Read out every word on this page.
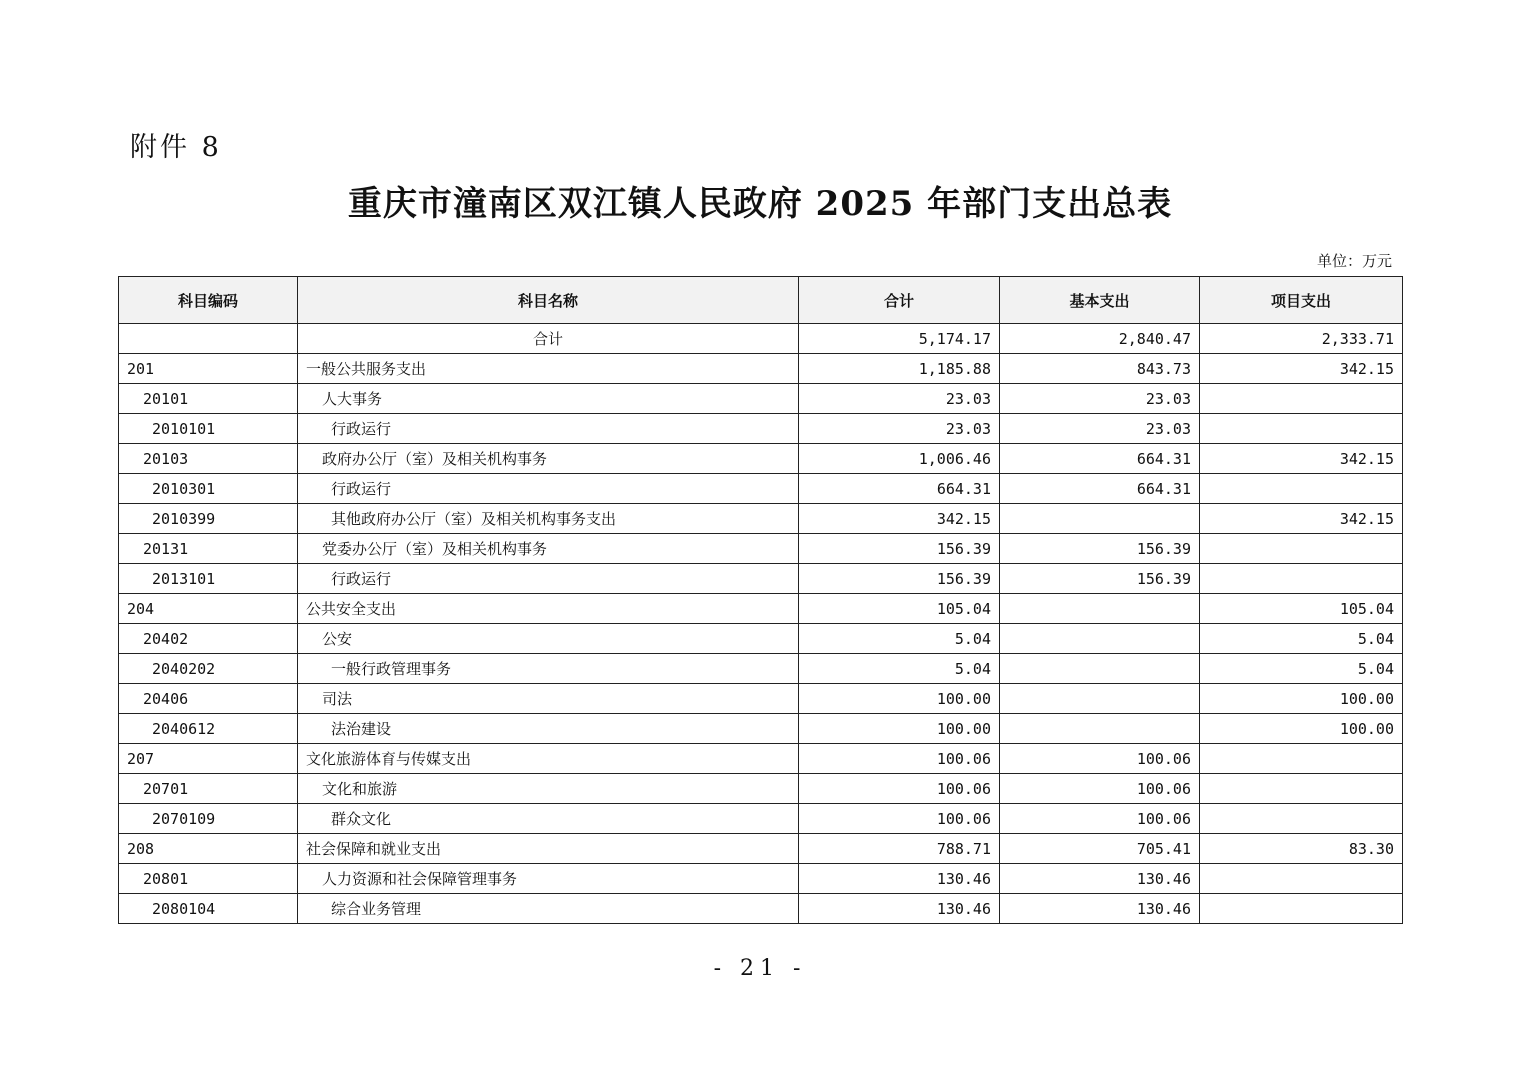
附件 8
重庆市潼南区双江镇人民政府 2025 年部门支出总表
单位：万元
科目编码	科目名称	合计	基本支出	项目支出
	合计	5,174.17	2,840.47	2,333.71
201	一般公共服务支出	1,185.88	843.73	342.15
20101	人大事务	23.03	23.03	
2010101	行政运行	23.03	23.03	
20103	政府办公厅（室）及相关机构事务	1,006.46	664.31	342.15
2010301	行政运行	664.31	664.31	
2010399	其他政府办公厅（室）及相关机构事务支出	342.15		342.15
20131	党委办公厅（室）及相关机构事务	156.39	156.39	
2013101	行政运行	156.39	156.39	
204	公共安全支出	105.04		105.04
20402	公安	5.04		5.04
2040202	一般行政管理事务	5.04		5.04
20406	司法	100.00		100.00
2040612	法治建设	100.00		100.00
207	文化旅游体育与传媒支出	100.06	100.06	
20701	文化和旅游	100.06	100.06	
2070109	群众文化	100.06	100.06	
208	社会保障和就业支出	788.71	705.41	83.30
20801	人力资源和社会保障管理事务	130.46	130.46	
2080104	综合业务管理	130.46	130.46	
- 21 -
